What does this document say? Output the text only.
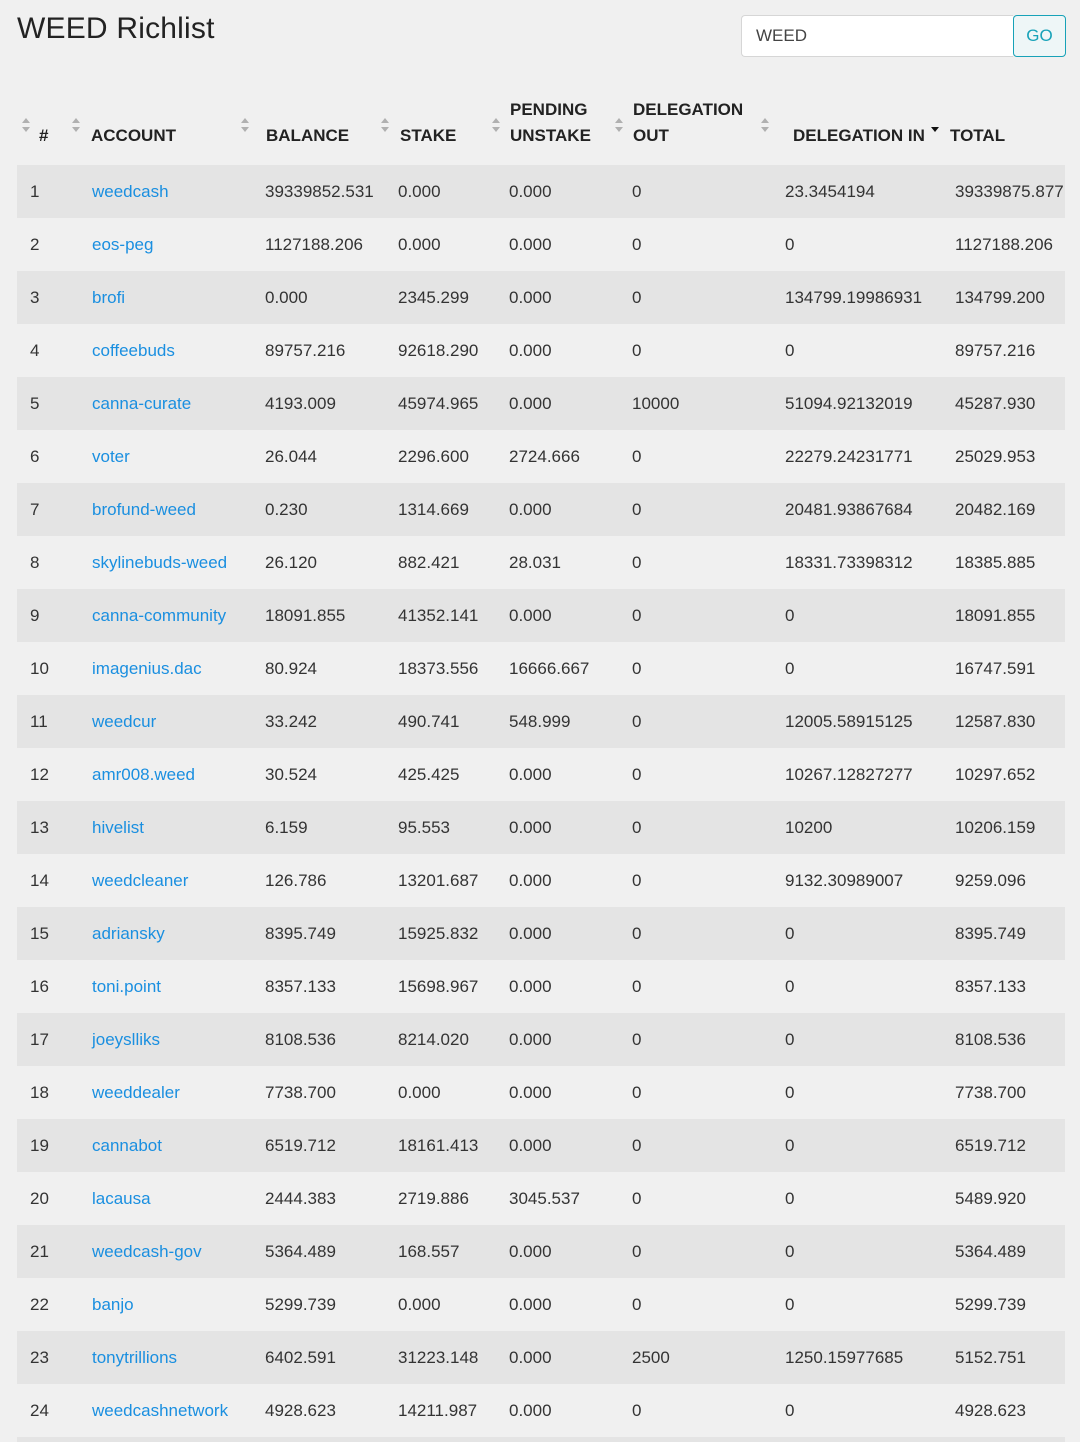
WEED Richlist
WEED	GO
#	ACCOUNT	BALANCE	STAKE	PENDING UNSTAKE	DELEGATION OUT	DELEGATION IN	TOTAL

1	weedcash	39339852.531	0.000	0.000	0	23.3454194	39339875.877
2	eos-peg	1127188.206	0.000	0.000	0	0	1127188.206
3	brofi	0.000	2345.299	0.000	0	134799.19986931	134799.200
4	coffeebuds	89757.216	92618.290	0.000	0	0	89757.216
5	canna-curate	4193.009	45974.965	0.000	10000	51094.92132019	45287.930
6	voter	26.044	2296.600	2724.666	0	22279.24231771	25029.953
7	brofund-weed	0.230	1314.669	0.000	0	20481.93867684	20482.169
8	skylinebuds-weed	26.120	882.421	28.031	0	18331.73398312	18385.885
9	canna-community	18091.855	41352.141	0.000	0	0	18091.855
10	imagenius.dac	80.924	18373.556	16666.667	0	0	16747.591
11	weedcur	33.242	490.741	548.999	0	12005.58915125	12587.830
12	amr008.weed	30.524	425.425	0.000	0	10267.12827277	10297.652
13	hivelist	6.159	95.553	0.000	0	10200	10206.159
14	weedcleaner	126.786	13201.687	0.000	0	9132.30989007	9259.096
15	adriansky	8395.749	15925.832	0.000	0	0	8395.749
16	toni.point	8357.133	15698.967	0.000	0	0	8357.133
17	joeyslliks	8108.536	8214.020	0.000	0	0	8108.536
18	weeddealer	7738.700	0.000	0.000	0	0	7738.700
19	cannabot	6519.712	18161.413	0.000	0	0	6519.712
20	lacausa	2444.383	2719.886	3045.537	0	0	5489.920
21	weedcash-gov	5364.489	168.557	0.000	0	0	5364.489
22	banjo	5299.739	0.000	0.000	0	0	5299.739
23	tonytrillions	6402.591	31223.148	0.000	2500	1250.15977685	5152.751
24	weedcashnetwork	4928.623	14211.987	0.000	0	0	4928.623
